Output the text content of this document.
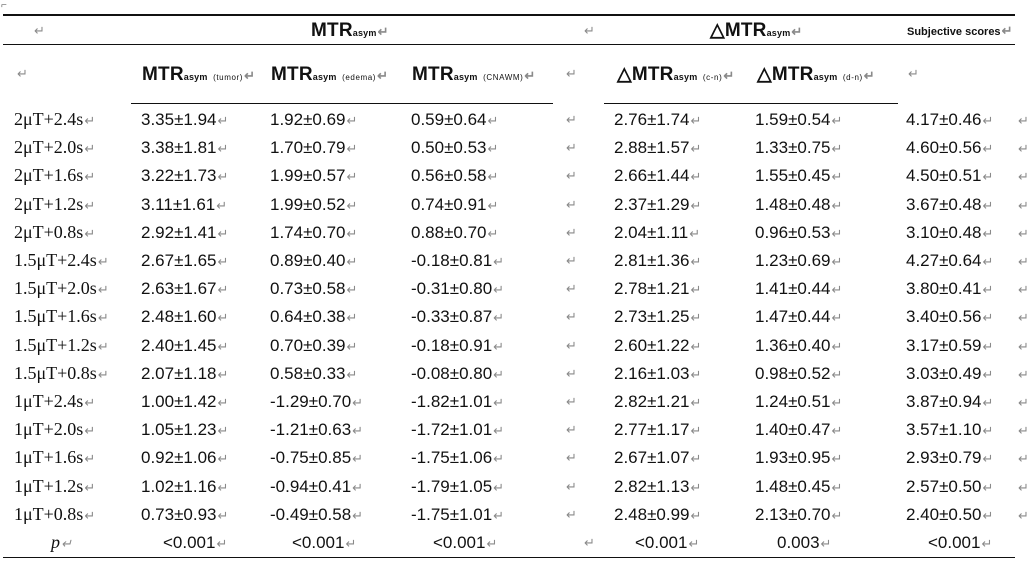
⌐
↵	MTRasym↵	↵	△MTRasym↵	Subjective scores↵
MTRasym (tumor)↵ MTRasym (edema)↵ MTRasym (CNAWM)↵	△MTRasym (c-n)↵ △MTRasym (d-n)↵
↵	↵	↵
2μT+2.4s↵	3.35±1.94↵ 1.92±0.69↵	0.59±0.64↵	2.76±1.74↵	1.59±0.54↵	4.17±0.46↵
↵	↵
2μT+2.0s↵	3.38±1.81↵ 1.70±0.79↵	0.50±0.53↵	2.88±1.57↵	1.33±0.75↵	4.60±0.56↵
↵	↵
2μT+1.6s↵	3.22±1.73↵ 1.99±0.57↵	0.56±0.58↵	2.66±1.44↵	1.55±0.45↵	4.50±0.51↵
↵	↵
2μT+1.2s↵	3.11±1.61↵	1.99±0.52↵	0.74±0.91↵	2.37±1.29↵	1.48±0.48↵	3.67±0.48↵
↵	↵
2μT+0.8s↵	2.92±1.41↵ 1.74±0.70↵	0.88±0.70↵	2.04±1.11↵	0.96±0.53↵	3.10±0.48↵
↵	↵
1.5μT+2.4s↵ 2.67±1.65↵ 0.89±0.40↵	-0.18±0.81↵	2.81±1.36↵	1.23±0.69↵	4.27±0.64↵
↵	↵
1.5μT+2.0s↵ 2.63±1.67↵ 0.73±0.58↵	-0.31±0.80↵	2.78±1.21↵	1.41±0.44↵	3.80±0.41↵
↵	↵
1.5μT+1.6s↵ 2.48±1.60↵ 0.64±0.38↵	-0.33±0.87↵	2.73±1.25↵	1.47±0.44↵	3.40±0.56↵
↵	↵
1.5μT+1.2s↵ 2.40±1.45↵ 0.70±0.39↵	-0.18±0.91↵	2.60±1.22↵	1.36±0.40↵	3.17±0.59↵
↵	↵
1.5μT+0.8s↵ 2.07±1.18↵ 0.58±0.33↵	-0.08±0.80↵	2.16±1.03↵	0.98±0.52↵	3.03±0.49↵
↵	↵
1μT+2.4s↵	1.00±1.42↵ -1.29±0.70↵	-1.82±1.01↵	2.82±1.21↵	1.24±0.51↵	3.87±0.94↵
↵	↵
1μT+2.0s↵	1.05±1.23↵ -1.21±0.63↵	-1.72±1.01↵	2.77±1.17↵	1.40±0.47↵	3.57±1.10↵
↵	↵
1μT+1.6s↵	0.92±1.06↵ -0.75±0.85↵	-1.75±1.06↵	2.67±1.07↵	1.93±0.95↵	2.93±0.79↵
↵	↵
1μT+1.2s↵	1.02±1.16↵ -0.94±0.41↵	-1.79±1.05↵	2.82±1.13↵	1.48±0.45↵	2.57±0.50↵
↵	↵
1μT+0.8s↵	0.73±0.93↵ -0.49±0.58↵	-1.75±1.01↵	2.48±0.99↵	2.13±0.70↵	2.40±0.50↵
↵	↵
p↵	<0.001↵	<0.001↵	<0.001↵	<0.001↵	0.003↵	<0.001↵
↵
